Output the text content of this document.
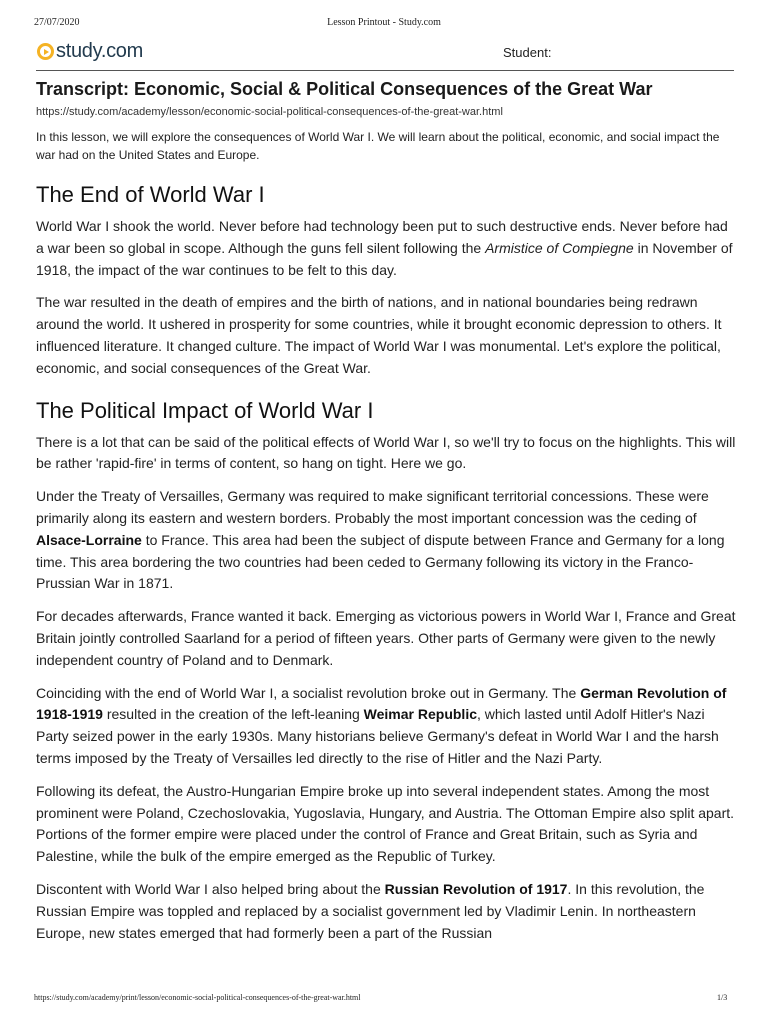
27/07/2020	Lesson Printout - Study.com
study.com	Student:
Transcript: Economic, Social & Political Consequences of the Great War
https://study.com/academy/lesson/economic-social-political-consequences-of-the-great-war.html

In this lesson, we will explore the consequences of World War I. We will learn about the political, economic, and social impact the war had on the United States and Europe.

The End of World War I

World War I shook the world. Never before had technology been put to such destructive ends. Never before had a war been so global in scope. Although the guns fell silent following the Armistice of Compiegne in November of 1918, the impact of the war continues to be felt to this day.

The war resulted in the death of empires and the birth of nations, and in national boundaries being redrawn around the world. It ushered in prosperity for some countries, while it brought economic depression to others. It influenced literature. It changed culture. The impact of World War I was monumental. Let's explore the political, economic, and social consequences of the Great War.

The Political Impact of World War I

There is a lot that can be said of the political effects of World War I, so we'll try to focus on the highlights. This will be rather 'rapid-fire' in terms of content, so hang on tight. Here we go.

Under the Treaty of Versailles, Germany was required to make significant territorial concessions. These were primarily along its eastern and western borders. Probably the most important concession was the ceding of Alsace-Lorraine to France. This area had been the subject of dispute between France and Germany for a long time. This area bordering the two countries had been ceded to Germany following its victory in the Franco-Prussian War in 1871.

For decades afterwards, France wanted it back. Emerging as victorious powers in World War I, France and Great Britain jointly controlled Saarland for a period of fifteen years. Other parts of Germany were given to the newly independent country of Poland and to Denmark.

Coinciding with the end of World War I, a socialist revolution broke out in Germany. The German Revolution of 1918-1919 resulted in the creation of the left-leaning Weimar Republic, which lasted until Adolf Hitler's Nazi Party seized power in the early 1930s. Many historians believe Germany's defeat in World War I and the harsh terms imposed by the Treaty of Versailles led directly to the rise of Hitler and the Nazi Party.

Following its defeat, the Austro-Hungarian Empire broke up into several independent states. Among the most prominent were Poland, Czechoslovakia, Yugoslavia, Hungary, and Austria. The Ottoman Empire also split apart. Portions of the former empire were placed under the control of France and Great Britain, such as Syria and Palestine, while the bulk of the empire emerged as the Republic of Turkey.

Discontent with World War I also helped bring about the Russian Revolution of 1917. In this revolution, the Russian Empire was toppled and replaced by a socialist government led by Vladimir Lenin. In northeastern Europe, new states emerged that had formerly been a part of the Russian

https://study.com/academy/print/lesson/economic-social-political-consequences-of-the-great-war.html	1/3
